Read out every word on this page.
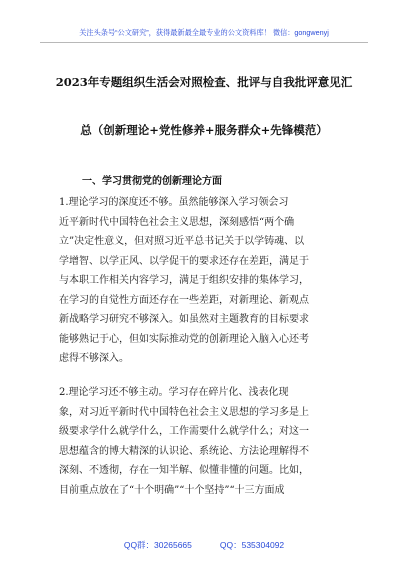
关注头条号“公文研究”，获得最新最全最专业的公文资料库！ 微信：gongwenyj
2023年专题组织生活会对照检查、批评与自我批评意见汇
总（创新理论+党性修养+服务群众+先锋模范）
一、学习贯彻党的创新理论方面
1.理论学习的深度还不够。虽然能够深入学习领会习
近平新时代中国特色社会主义思想，深刻感悟“两个确
立”决定性意义，但对照习近平总书记关于以学铸魂、以
学增智、以学正风、以学促干的要求还存在差距，满足于
与本职工作相关内容学习，满足于组织安排的集体学习，
在学习的自觉性方面还存在一些差距，对新理论、新观点
新战略学习研究不够深入。如虽然对主题教育的目标要求
能够熟记于心，但如实际推动党的创新理论入脑入心还考
虑得不够深入。
2.理论学习还不够主动。学习存在碎片化、浅表化现
象，对习近平新时代中国特色社会主义思想的学习多是上
级要求学什么就学什么，工作需要什么就学什么；对这一
思想蕴含的博大精深的认识论、系统论、方法论理解得不
深刻、不透彻，存在一知半解、似懂非懂的问题。比如，
目前重点放在了“十个明确”“十个坚持”“十三方面成
QQ群：30265665	QQ：535304092
